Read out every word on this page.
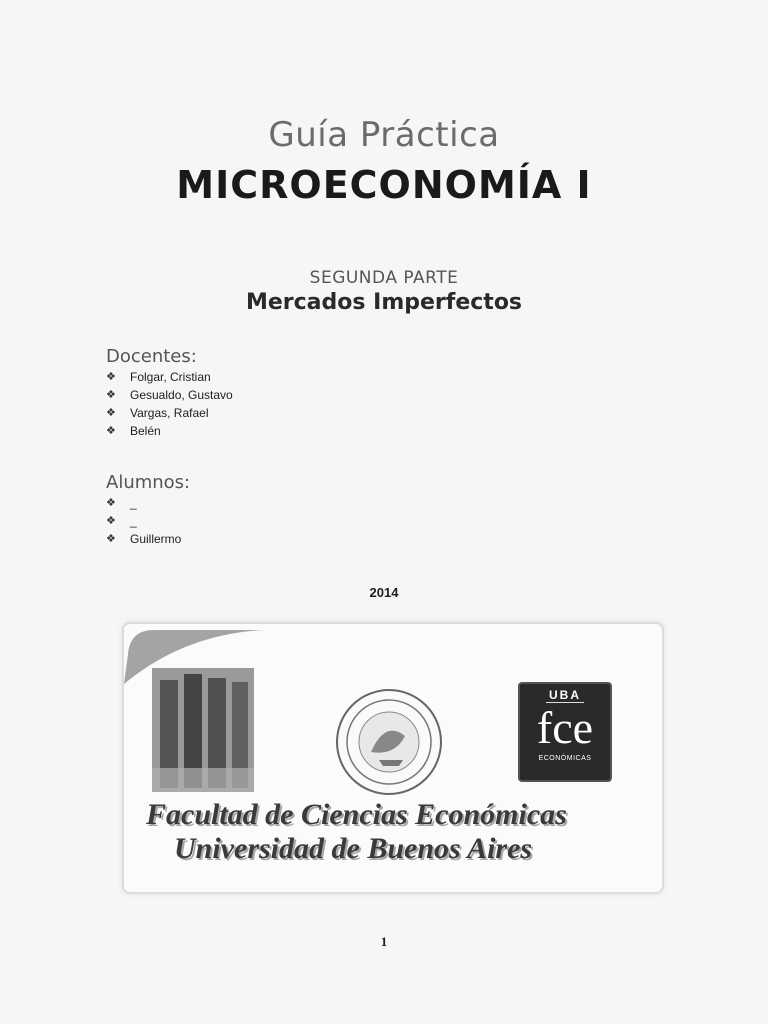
Guía Práctica
MICROECONOMÍA I
SEGUNDA PARTE
Mercados Imperfectos
Docentes:
❖	Folgar, Cristian
❖	Gesualdo, Gustavo
❖	Vargas, Rafael
❖	Belén
Alumnos:
❖	_
❖	_
❖	Guillermo
2014
Facultad de Ciencias Económicas
Universidad de Buenos Aires
UBA
fce
ECONÓMICAS
1
